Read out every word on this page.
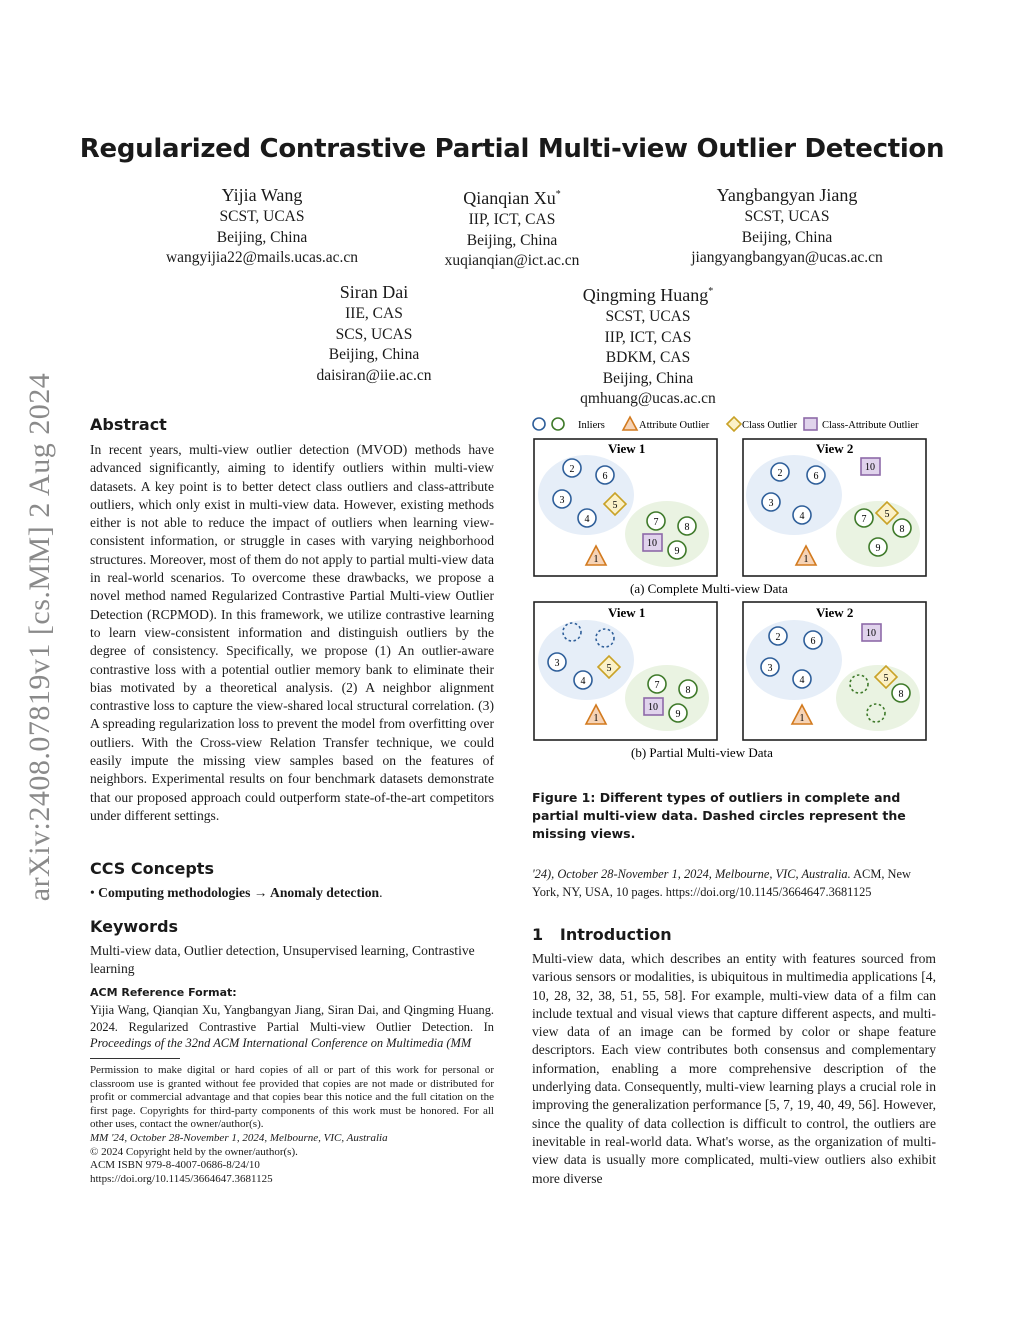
Regularized Contrastive Partial Multi-view Outlier Detection
Yijia Wang
SCST, UCAS
Beijing, China
wangyijia22@mails.ucas.ac.cn
Qianqian Xu*
IIP, ICT, CAS
Beijing, China
xuqianqian@ict.ac.cn
Yangbangyan Jiang
SCST, UCAS
Beijing, China
jiangyangbangyan@ucas.ac.cn
Siran Dai
IIE, CAS
SCS, UCAS
Beijing, China
daisiran@iie.ac.cn
Qingming Huang*
SCST, UCAS
IIP, ICT, CAS
BDKM, CAS
Beijing, China
qmhuang@ucas.ac.cn
arXiv:2408.07819v1 [cs.MM] 2 Aug 2024 Abstract
In recent years, multi-view outlier detection (MVOD) methods have advanced significantly, aiming to identify outliers within multi-view datasets. A key point is to better detect class outliers and class-attribute outliers, which only exist in multi-view data. However, existing methods either is not able to reduce the impact of outliers when learning view-consistent information, or struggle in cases with varying neighborhood structures. Moreover, most of them do not apply to partial multi-view data in real-world scenarios. To overcome these drawbacks, we propose a novel method named Regularized Contrastive Partial Multi-view Outlier Detection (RCPMOD). In this framework, we utilize contrastive learning to learn view-consistent information and distinguish outliers by the degree of consistency. Specifically, we propose (1) An outlier-aware contrastive loss with a potential outlier memory bank to eliminate their bias motivated by a theoretical analysis. (2) A neighbor alignment contrastive loss to capture the view-shared local structural correlation. (3) A spreading regularization loss to prevent the model from overfitting over outliers. With the Cross-view Relation Transfer technique, we could easily impute the missing view samples based on the features of neighbors. Experimental results on four benchmark datasets demonstrate that our proposed approach could outperform state-of-the-art competitors under different settings.
CCS Concepts
• Computing methodologies → Anomaly detection.
Keywords
Multi-view data, Outlier detection, Unsupervised learning, Contrastive learning
ACM Reference Format:
Yijia Wang, Qianqian Xu, Yangbangyan Jiang, Siran Dai, and Qingming Huang. 2024. Regularized Contrastive Partial Multi-view Outlier Detection. In Proceedings of the 32nd ACM International Conference on Multimedia (MM
Permission to make digital or hard copies of all or part of this work for personal or classroom use is granted without fee provided that copies are not made or distributed for profit or commercial advantage and that copies bear this notice and the full citation on the first page. Copyrights for third-party components of this work must be honored. For all other uses, contact the owner/author(s).
MM '24, October 28-November 1, 2024, Melbourne, VIC, Australia
© 2024 Copyright held by the owner/author(s).
ACM ISBN 979-8-4007-0686-8/24/10
https://doi.org/10.1145/3664647.3681125
Inliers	Attribute Outlier	Class Outlier Class-Attribute Outlier
View 1
2
6
3
4
5
7	8
10
9
1
View 2
10
2	6
3
4	7 5
8
9
1
(a) Complete Multi-view Data
View 1
3	5
4	7	8
10
9
1
View 2
10
2	6
3
4	5
8
1
(b) Partial Multi-view Data
Figure 1: Different types of outliers in complete and partial multi-view data. Dashed circles represent the missing views.
'24), October 28-November 1, 2024, Melbourne, VIC, Australia. ACM, New York, NY, USA, 10 pages. https://doi.org/10.1145/3664647.3681125
1 Introduction
Multi-view data, which describes an entity with features sourced from various sensors or modalities, is ubiquitous in multimedia applications [4, 10, 28, 32, 38, 51, 55, 58]. For example, multi-view data of a film can include textual and visual views that capture different aspects, and multi-view data of an image can be formed by color or shape feature descriptors. Each view contributes both consensus and complementary information, enabling a more comprehensive description of the underlying data. Consequently, multi-view learning plays a crucial role in improving the generalization performance [5, 7, 19, 40, 49, 56]. However, since the quality of data collection is difficult to control, the outliers are inevitable in real-world data. What's worse, as the organization of multi-view data is usually more complicated, multi-view outliers also exhibit more diverse
